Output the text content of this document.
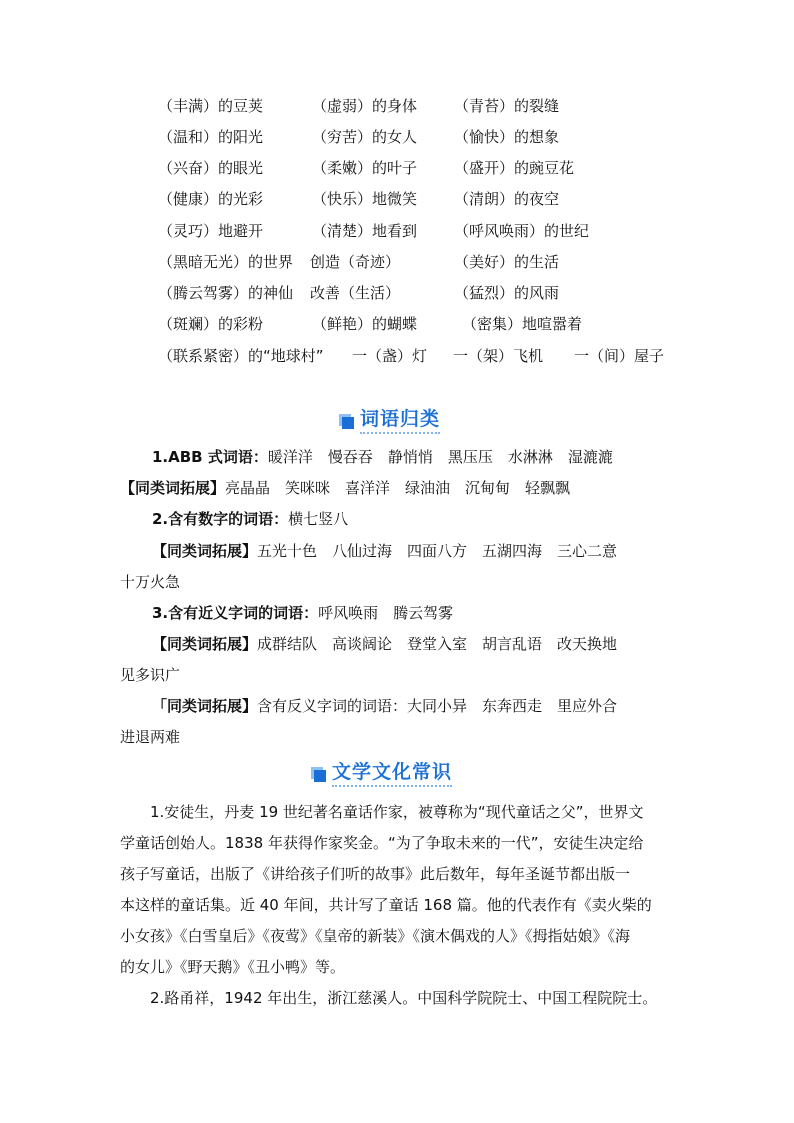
（丰满）的豆荚	（虚弱）的身体 （青苔）的裂缝
（温和）的阳光	（穷苦）的女人 （愉快）的想象
（兴奋）的眼光	（柔嫩）的叶子 （盛开）的豌豆花
（健康）的光彩	（快乐）地微笑 （清朗）的夜空
（灵巧）地避开	（清楚）地看到 （呼风唤雨）的世纪
（黑暗无光）的世界 创造（奇迹）	（美好）的生活
（腾云驾雾）的神仙 改善（生活）	（猛烈）的风雨
（斑斓）的彩粉	（鲜艳）的蝴蝶	（密集）地喧嚣着
（联系紧密）的“地球村” 一（盏）灯 一（架）飞机 一（间）屋子
词语归类
1.ABB 式词语：暖洋洋　慢吞吞　静悄悄　黑压压　水淋淋　湿漉漉
【同类词拓展】亮晶晶　笑咪咪　喜洋洋　绿油油　沉甸甸　轻飘飘
2.含有数字的词语：横七竖八
【同类词拓展】五光十色　八仙过海　四面八方　五湖四海　三心二意
十万火急
3.含有近义字词的词语：呼风唤雨　腾云驾雾
【同类词拓展】成群结队　高谈阔论　登堂入室　胡言乱语　改天换地
见多识广
「同类词拓展】含有反义字词的词语：大同小异　东奔西走　里应外合
进退两难
文学文化常识
1.安徒生，丹麦 19 世纪著名童话作家，被尊称为“现代童话之父”，世界文
学童话创始人。1838 年获得作家奖金。“为了争取未来的一代”，安徒生决定给
孩子写童话，出版了《讲给孩子们听的故事》此后数年，每年圣诞节都出版一
本这样的童话集。近 40 年间，共计写了童话 168 篇。他的代表作有《卖火柴的
小女孩》《白雪皇后》《夜莺》《皇帝的新装》《演木偶戏的人》《拇指姑娘》《海
的女儿》《野天鹅》《丑小鸭》等。
2.路甬祥，1942 年出生，浙江慈溪人。中国科学院院士、中国工程院院士。
